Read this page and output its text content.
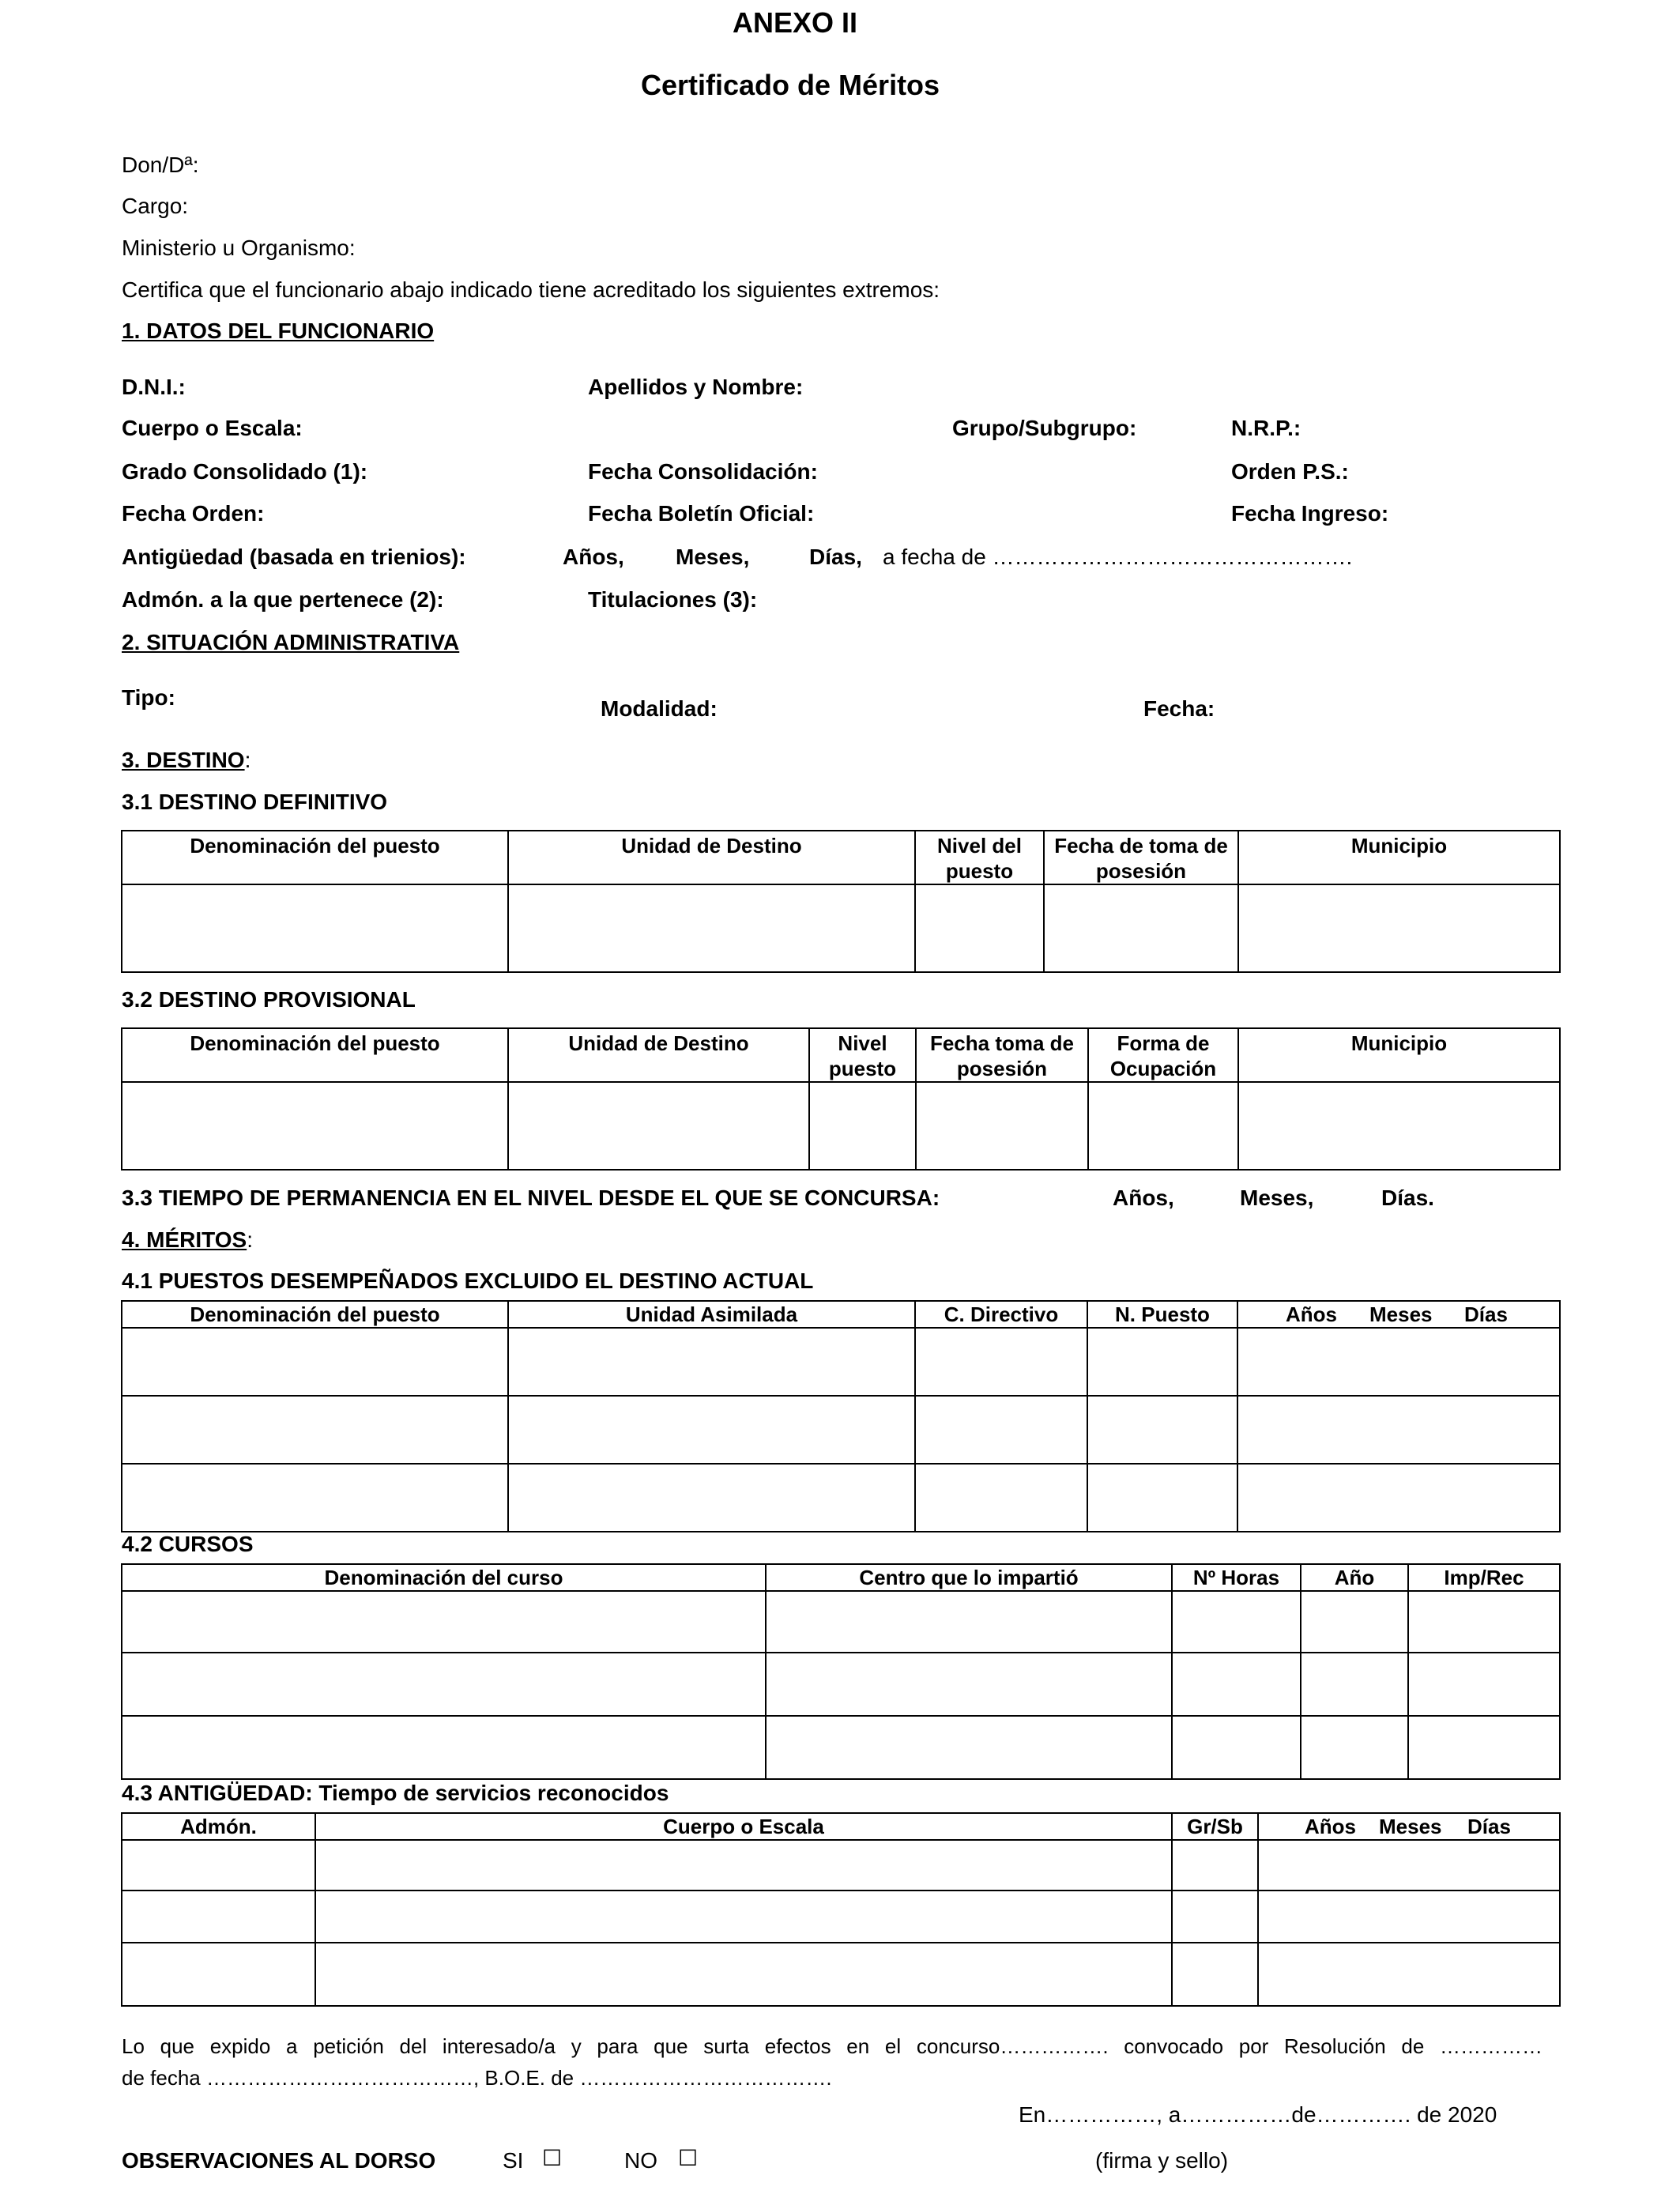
ANEXO II
Certificado de Méritos
Don/Dª:
Cargo:
Ministerio u Organismo:
Certifica que el funcionario abajo indicado tiene acreditado los siguientes extremos:
1. DATOS DEL FUNCIONARIO
D.N.I.:	Apellidos y Nombre:
Cuerpo o Escala:	Grupo/Subgrupo:	N.R.P.:
Grado Consolidado (1):	Fecha Consolidación:	Orden P.S.:
Fecha Orden:	Fecha Boletín Oficial:	Fecha Ingreso:
Antigüedad (basada en trienios):	Años, Meses,	Días, a fecha de ………………………………………….
Admón. a la que pertenece (2):	Titulaciones (3):
2. SITUACIÓN ADMINISTRATIVA
Tipo:	Modalidad:	Fecha:
3. DESTINO:
3.1 DESTINO DEFINITIVO
Denominación del puesto	Unidad de Destino	Nivel del puesto	Fecha de toma de posesión	Municipio

3.2 DESTINO PROVISIONAL
Denominación del puesto	Unidad de Destino	Nivel puesto	Fecha toma de posesión	Forma de Ocupación	Municipio

3.3 TIEMPO DE PERMANENCIA EN EL NIVEL DESDE EL QUE SE CONCURSA:	Años,	Meses,	Días.
4. MÉRITOS:
4.1 PUESTOS DESEMPEÑADOS EXCLUIDO EL DESTINO ACTUAL
Denominación del puesto	Unidad Asimilada	C. Directivo	N. Puesto	Años Meses Días

4.2 CURSOS
Denominación del curso	Centro que lo impartió	Nº Horas	Año	Imp/Rec

4.3 ANTIGÜEDAD: Tiempo de servicios reconocidos
Admón.	Cuerpo o Escala	Gr/Sb	Años Meses Días

Lo que expido a petición del interesado/a y para que surta efectos en el concurso……………. convocado por Resolución de ……………
de fecha …………………………………, B.O.E. de ……………………………….
En……………, a……………de…………. de 2020
OBSERVACIONES AL DORSO	SI ☐	NO ☐	(firma y sello)
